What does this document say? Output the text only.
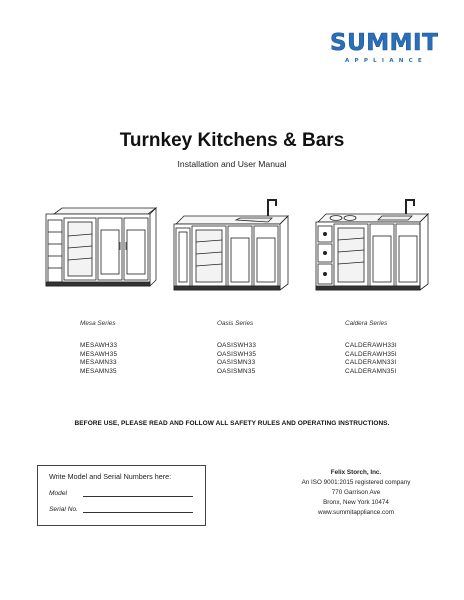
SUMMIT
APPLIANCE
Turnkey Kitchens & Bars
Installation and User Manual
Mesa Series
MESAWH33
MESAWH35
MESAMN33
MESAMN35
Oasis Series
OASISWH33
OASISWH35
OASISMN33
OASISMN35
Caldera Series
CALDERAWH33I
CALDERAWH35I
CALDERAMN33I
CALDERAMN35I
BEFORE USE, PLEASE READ AND FOLLOW ALL SAFETY RULES AND OPERATING INSTRUCTIONS.
Write Model and Serial Numbers here:
Model
Serial No.
Felix Storch, Inc.
An ISO 9001:2015 registered company
770 Garrison Ave
Bronx, New York 10474
www.summitappliance.com
